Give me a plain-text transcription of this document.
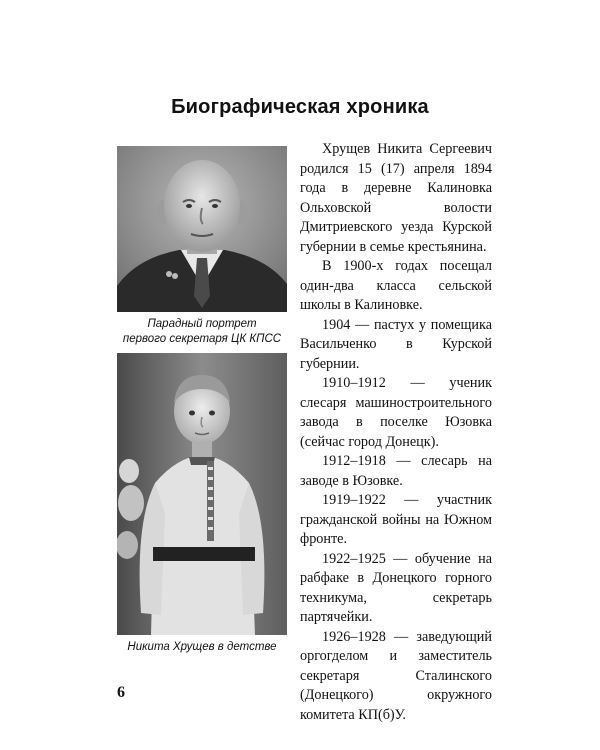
Биографическая хроника
Парадный портрет
первого секретаря ЦК КПСС
Никита Хрущев в детстве

Хрущев Никита Сергеевич родился 15 (17) апреля 1894 года в деревне Калиновка Ольховской волости Дмитриевского уезда Курской губернии в семье крестьянина.

В 1900-х годах посещал один-два класса сельской школы в Калиновке.

1904 — пастух у помещика Васильченко в Курской губернии.

1910–1912 — ученик слесаря машиностроительного завода в поселке Юзовка (сейчас город Донецк).

1912–1918 — слесарь на заводе в Юзовке.

1919–1922 — участник гражданской войны на Южном фронте.

1922–1925 — обучение на рабфаке в Донецкого горного техникума, секретарь партячейки.

1926–1928 — заведующий оргогделом и заместитель секретаря Сталинского (Донецкого) окружного комитета КП(б)У.

6
